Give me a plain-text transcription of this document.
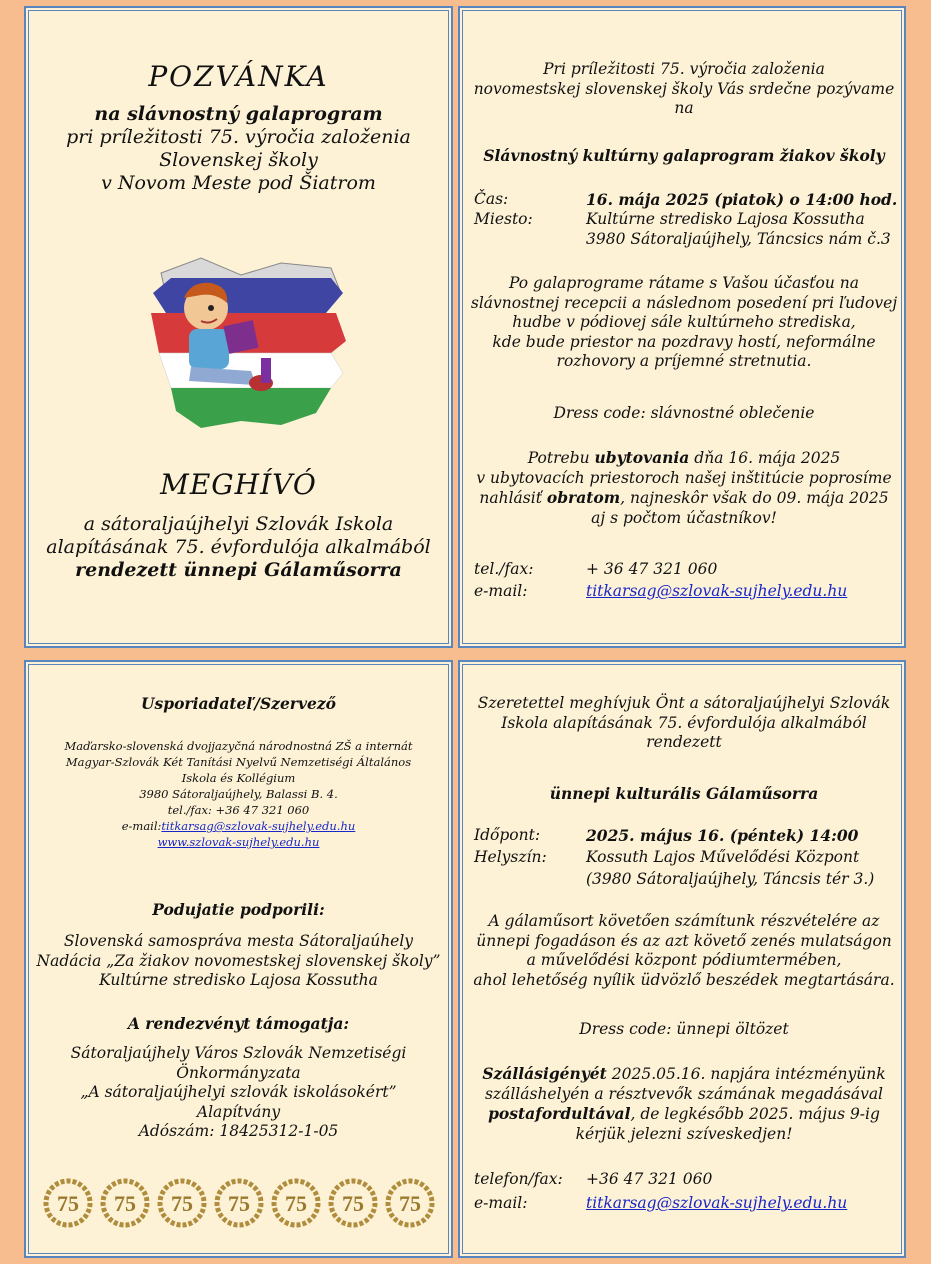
POZVÁNKA
na slávnostný galaprogram
pri príležitosti 75. výročia založenia
Slovenskej školy
v Novom Meste pod Šiatrom
MEGHÍVÓ
a sátoraljaújhelyi Szlovák Iskola
alapításának 75. évfordulója alkalmából
rendezett ünnepi Gálaműsorra
Pri príležitosti 75. výročia založenia
novomestskej slovenskej školy Vás srdečne pozývame
na
Slávnostný kultúrny galaprogram žiakov školy
Čas:	16. mája 2025 (piatok) o 14:00 hod.
Miesto:	Kultúrne stredisko Lajosa Kossutha
3980 Sátoraljaújhely, Táncsics nám č.3
Po galaprograme rátame s Vašou účasťou na
slávnostnej recepcii a následnom posedení pri ľudovej
hudbe v pódiovej sále kultúrneho strediska,
kde bude priestor na pozdravy hostí, neformálne
rozhovory a príjemné stretnutia.
Dress code: slávnostné oblečenie
Potrebu ubytovania dňa 16. mája 2025
v ubytovacích priestoroch našej inštitúcie poprosíme
nahlásiť obratom, najneskôr však do 09. mája 2025
aj s počtom účastníkov!
tel./fax:	+ 36 47 321 060
e-mail:	titkarsag@szlovak-sujhely.edu.hu
Usporiadateľ/Szervező
Maďarsko-slovenská dvojjazyčná národnostná ZŠ a internát
Magyar-Szlovák Két Tanítási Nyelvű Nemzetiségi Általános
Iskola és Kollégium
3980 Sátoraljaújhely, Balassi B. 4.
tel./fax: +36 47 321 060
e-mail:titkarsag@szlovak-sujhely.edu.hu
www.szlovak-sujhely.edu.hu
Podujatie podporili:
Slovenská samospráva mesta Sátoraljaúhely
Nadácia „Za žiakov novomestskej slovenskej školy”
Kultúrne stredisko Lajosa Kossutha
A rendezvényt támogatja:
Sátoraljaújhely Város Szlovák Nemzetiségi
Önkormányzata
„A sátoraljaújhelyi szlovák iskolásokért”
Alapítvány
Adószám: 18425312-1-05
75 75 75 75 75 75 75
Szeretettel meghívjuk Önt a sátoraljaújhelyi Szlovák
Iskola alapításának 75. évfordulója alkalmából
rendezett
ünnepi kulturális Gálaműsorra
Időpont:	2025. május 16. (péntek) 14:00
Helyszín:	Kossuth Lajos Művelődési Központ
(3980 Sátoraljaújhely, Táncsis tér 3.)
A gálaműsort követően számítunk részvételére az
ünnepi fogadáson és az azt követő zenés mulatságon
a művelődési központ pódiumtermében,
ahol lehetőség nyílik üdvözlő beszédek megtartására.
Dress code: ünnepi öltözet
Szállásigényét 2025.05.16. napjára intézményünk
szálláshelyén a résztvevők számának megadásával
postafordultával, de legkésőbb 2025. május 9-ig
kérjük jelezni szíveskedjen!
telefon/fax:	+36 47 321 060
e-mail:	titkarsag@szlovak-sujhely.edu.hu
